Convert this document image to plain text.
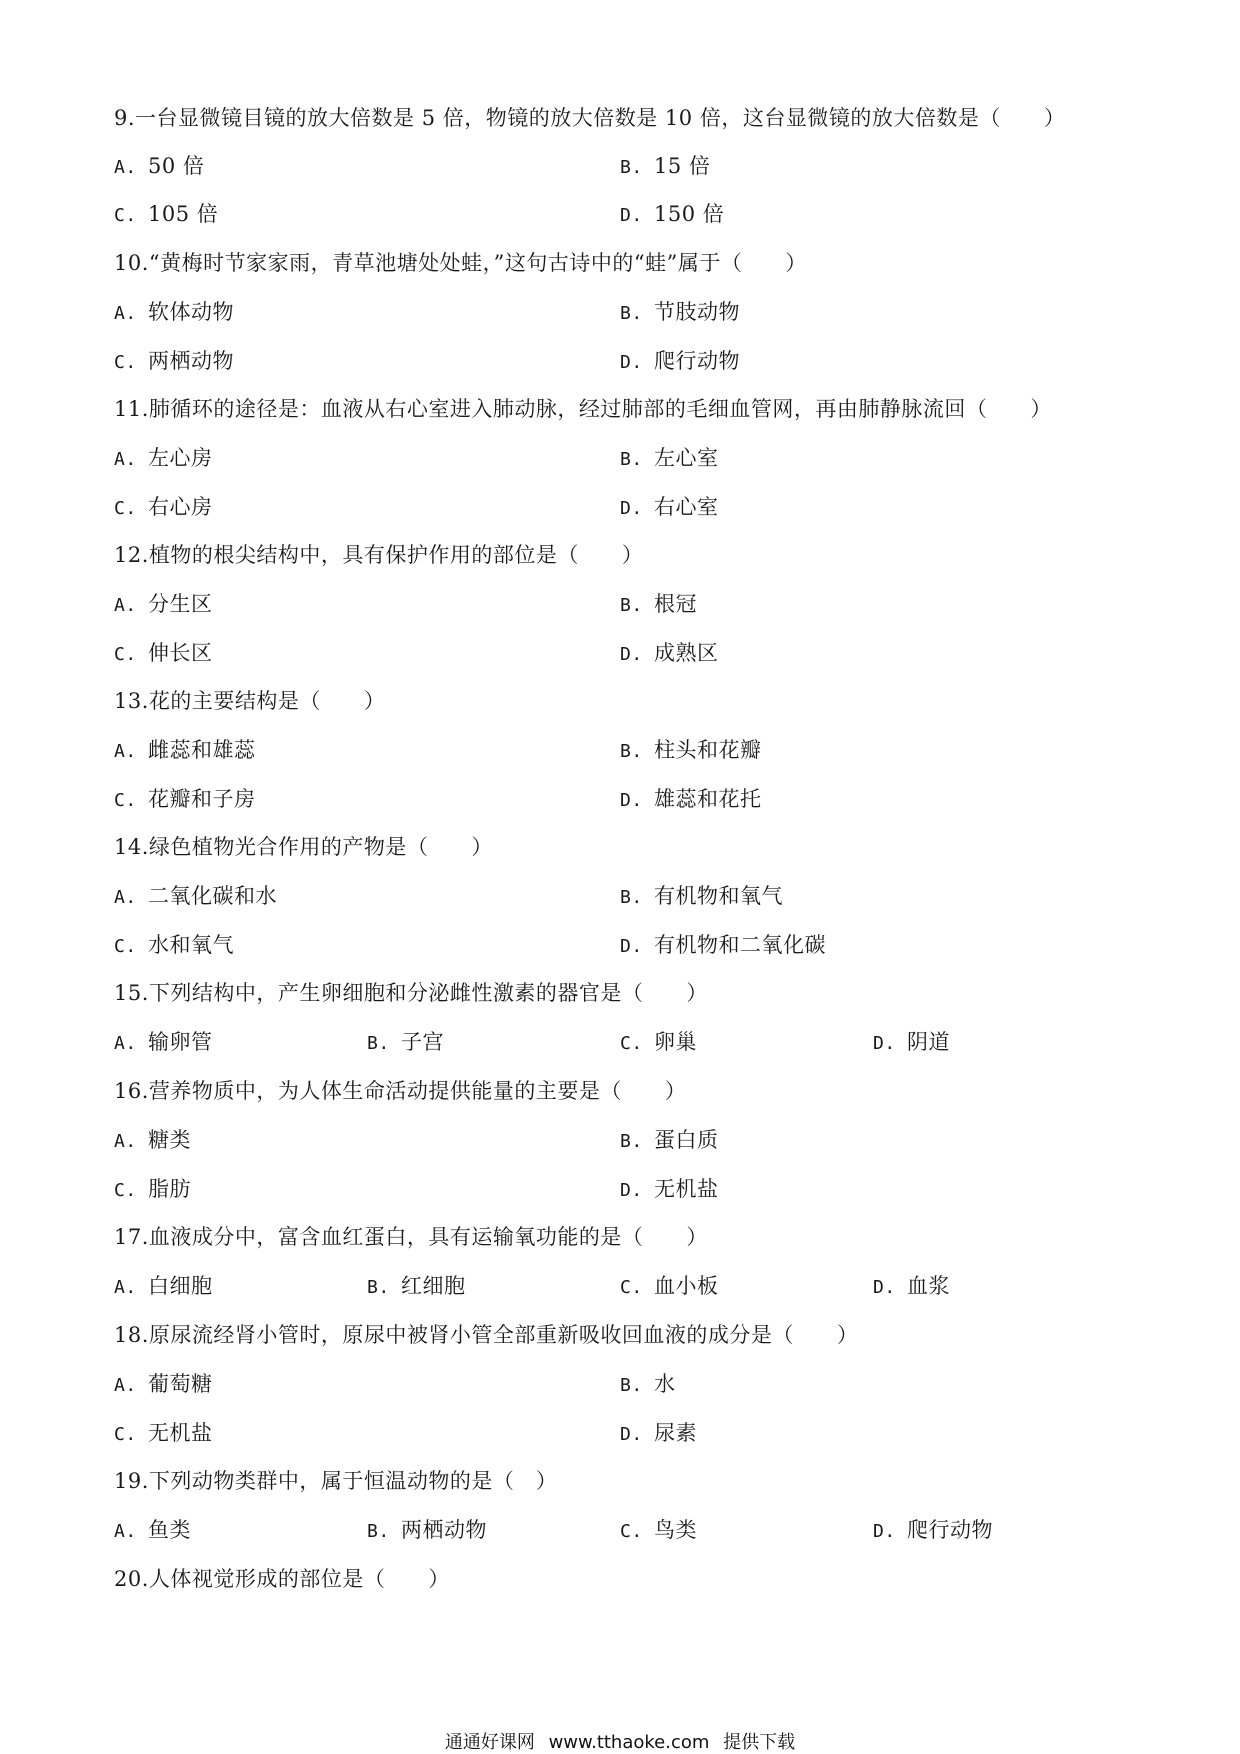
9.一台显微镜目镜的放大倍数是 5 倍，物镜的放大倍数是 10 倍，这台显微镜的放大倍数是（　　）
A. 50 倍	B. 15 倍
C. 105 倍	D. 150 倍
10.“黄梅时节家家雨，青草池塘处处蛙，”这句古诗中的“蛙”属于（　　）
A. 软体动物	B. 节肢动物
C. 两栖动物	D. 爬行动物
11.肺循环的途径是：血液从右心室进入肺动脉，经过肺部的毛细血管网，再由肺静脉流回（　　）
A. 左心房	B. 左心室
C. 右心房	D. 右心室
12.植物的根尖结构中，具有保护作用的部位是（　　）
A. 分生区	B. 根冠
C. 伸长区	D. 成熟区
13.花的主要结构是（　　）
A. 雌蕊和雄蕊	B. 柱头和花瓣
C. 花瓣和子房	D. 雄蕊和花托
14.绿色植物光合作用的产物是（　　）
A. 二氧化碳和水	B. 有机物和氧气
C. 水和氧气	D. 有机物和二氧化碳
15.下列结构中，产生卵细胞和分泌雌性激素的器官是（　　）
A. 输卵管	B. 子宫	C. 卵巢	D. 阴道
16.营养物质中，为人体生命活动提供能量的主要是（　　）
A. 糖类	B. 蛋白质
C. 脂肪	D. 无机盐
17.血液成分中，富含血红蛋白，具有运输氧功能的是（　　）
A. 白细胞	B. 红细胞	C. 血小板	D. 血浆
18.原尿流经肾小管时，原尿中被肾小管全部重新吸收回血液的成分是（　　）
A. 葡萄糖	B. 水
C. 无机盐	D. 尿素
19.下列动物类群中，属于恒温动物的是（　）
A. 鱼类	B. 两栖动物	C. 鸟类	D. 爬行动物
20.人体视觉形成的部位是（　　）
通通好课网 www.tthaoke.com 提供下载
